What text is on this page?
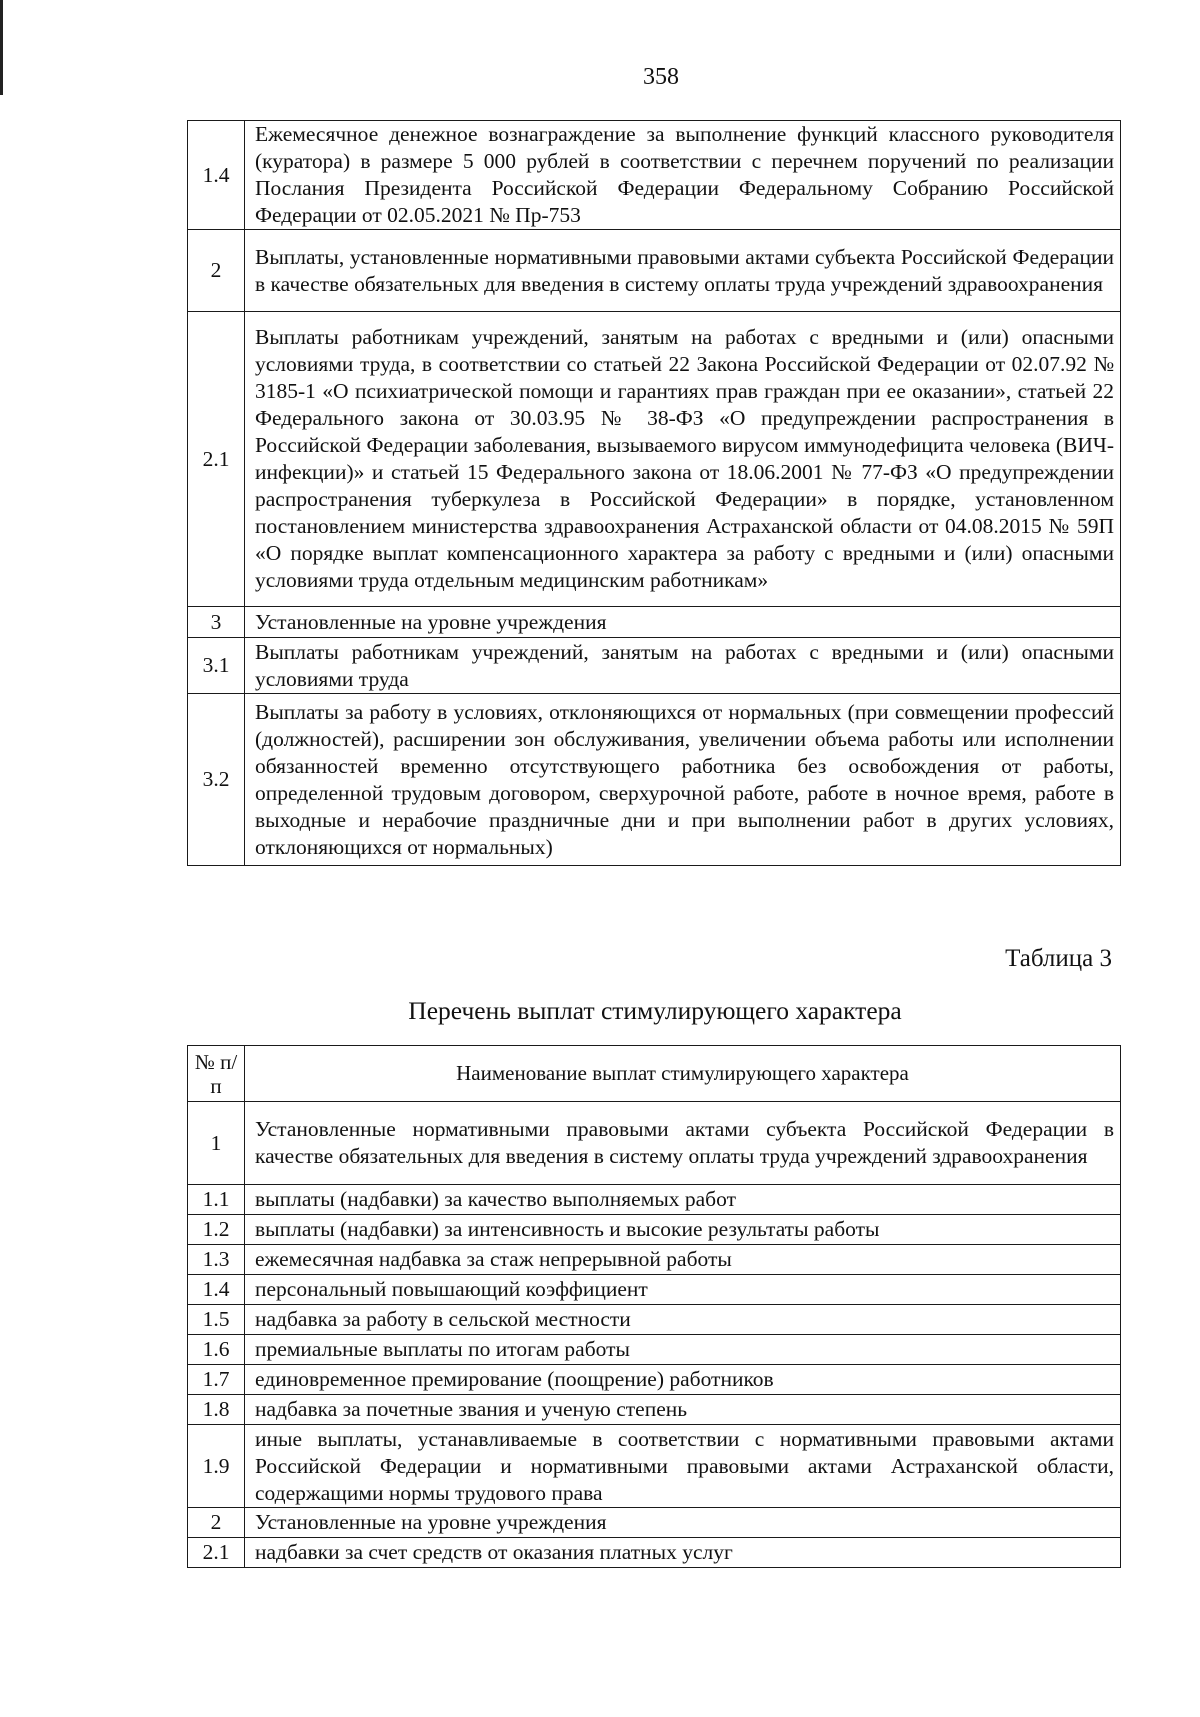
358
1.4	Ежемесячное денежное вознаграждение за выполнение функций классного руководителя (куратора) в размере 5 000 рублей в соответствии с перечнем поручений по реализации Послания Президента Российской Федерации Федеральному Собранию Российской Федерации от 02.05.2021 № Пр-753
2	Выплаты, установленные нормативными правовыми актами субъекта Российской Федерации в качестве обязательных для введения в систему оплаты труда учреждений здравоохранения
2.1	Выплаты работникам учреждений, занятым на работах с вредными и (или) опасными условиями труда, в соответствии со статьей 22 Закона Российской Федерации от 02.07.92 № 3185-1 «О психиатрической помощи и гарантиях прав граждан при ее оказании», статьей 22 Федерального закона от 30.03.95 № 38-ФЗ «О предупреждении распространения в Российской Федерации заболевания, вызываемого вирусом иммунодефицита человека (ВИЧ-инфекции)» и статьей 15 Федерального закона от 18.06.2001 № 77-ФЗ «О предупреждении распространения туберкулеза в Российской Федерации» в порядке, установленном постановлением министерства здравоохранения Астраханской области от 04.08.2015 № 59П «О порядке выплат компенсационного характера за работу с вредными и (или) опасными условиями труда отдельным медицинским работникам»
3	Установленные на уровне учреждения
3.1	Выплаты работникам учреждений, занятым на работах с вредными и (или) опасными условиями труда
3.2	Выплаты за работу в условиях, отклоняющихся от нормальных (при совмещении профессий (должностей), расширении зон обслуживания, увеличении объема работы или исполнении обязанностей временно отсутствующего работника без освобождения от работы, определенной трудовым договором, сверхурочной работе, работе в ночное время, работе в выходные и нерабочие праздничные дни и при выполнении работ в других условиях, отклоняющихся от нормальных)
Таблица 3
Перечень выплат стимулирующего характера
№ п/п	Наименование выплат стимулирующего характера
1	Установленные нормативными правовыми актами субъекта Российской Федерации в качестве обязательных для введения в систему оплаты труда учреждений здравоохранения
1.1	выплаты (надбавки) за качество выполняемых работ
1.2	выплаты (надбавки) за интенсивность и высокие результаты работы
1.3	ежемесячная надбавка за стаж непрерывной работы
1.4	персональный повышающий коэффициент
1.5	надбавка за работу в сельской местности
1.6	премиальные выплаты по итогам работы
1.7	единовременное премирование (поощрение) работников
1.8	надбавка за почетные звания и ученую степень
1.9	иные выплаты, устанавливаемые в соответствии с нормативными правовыми актами Российской Федерации и нормативными правовыми актами Астраханской области, содержащими нормы трудового права
2	Установленные на уровне учреждения
2.1	надбавки за счет средств от оказания платных услуг
